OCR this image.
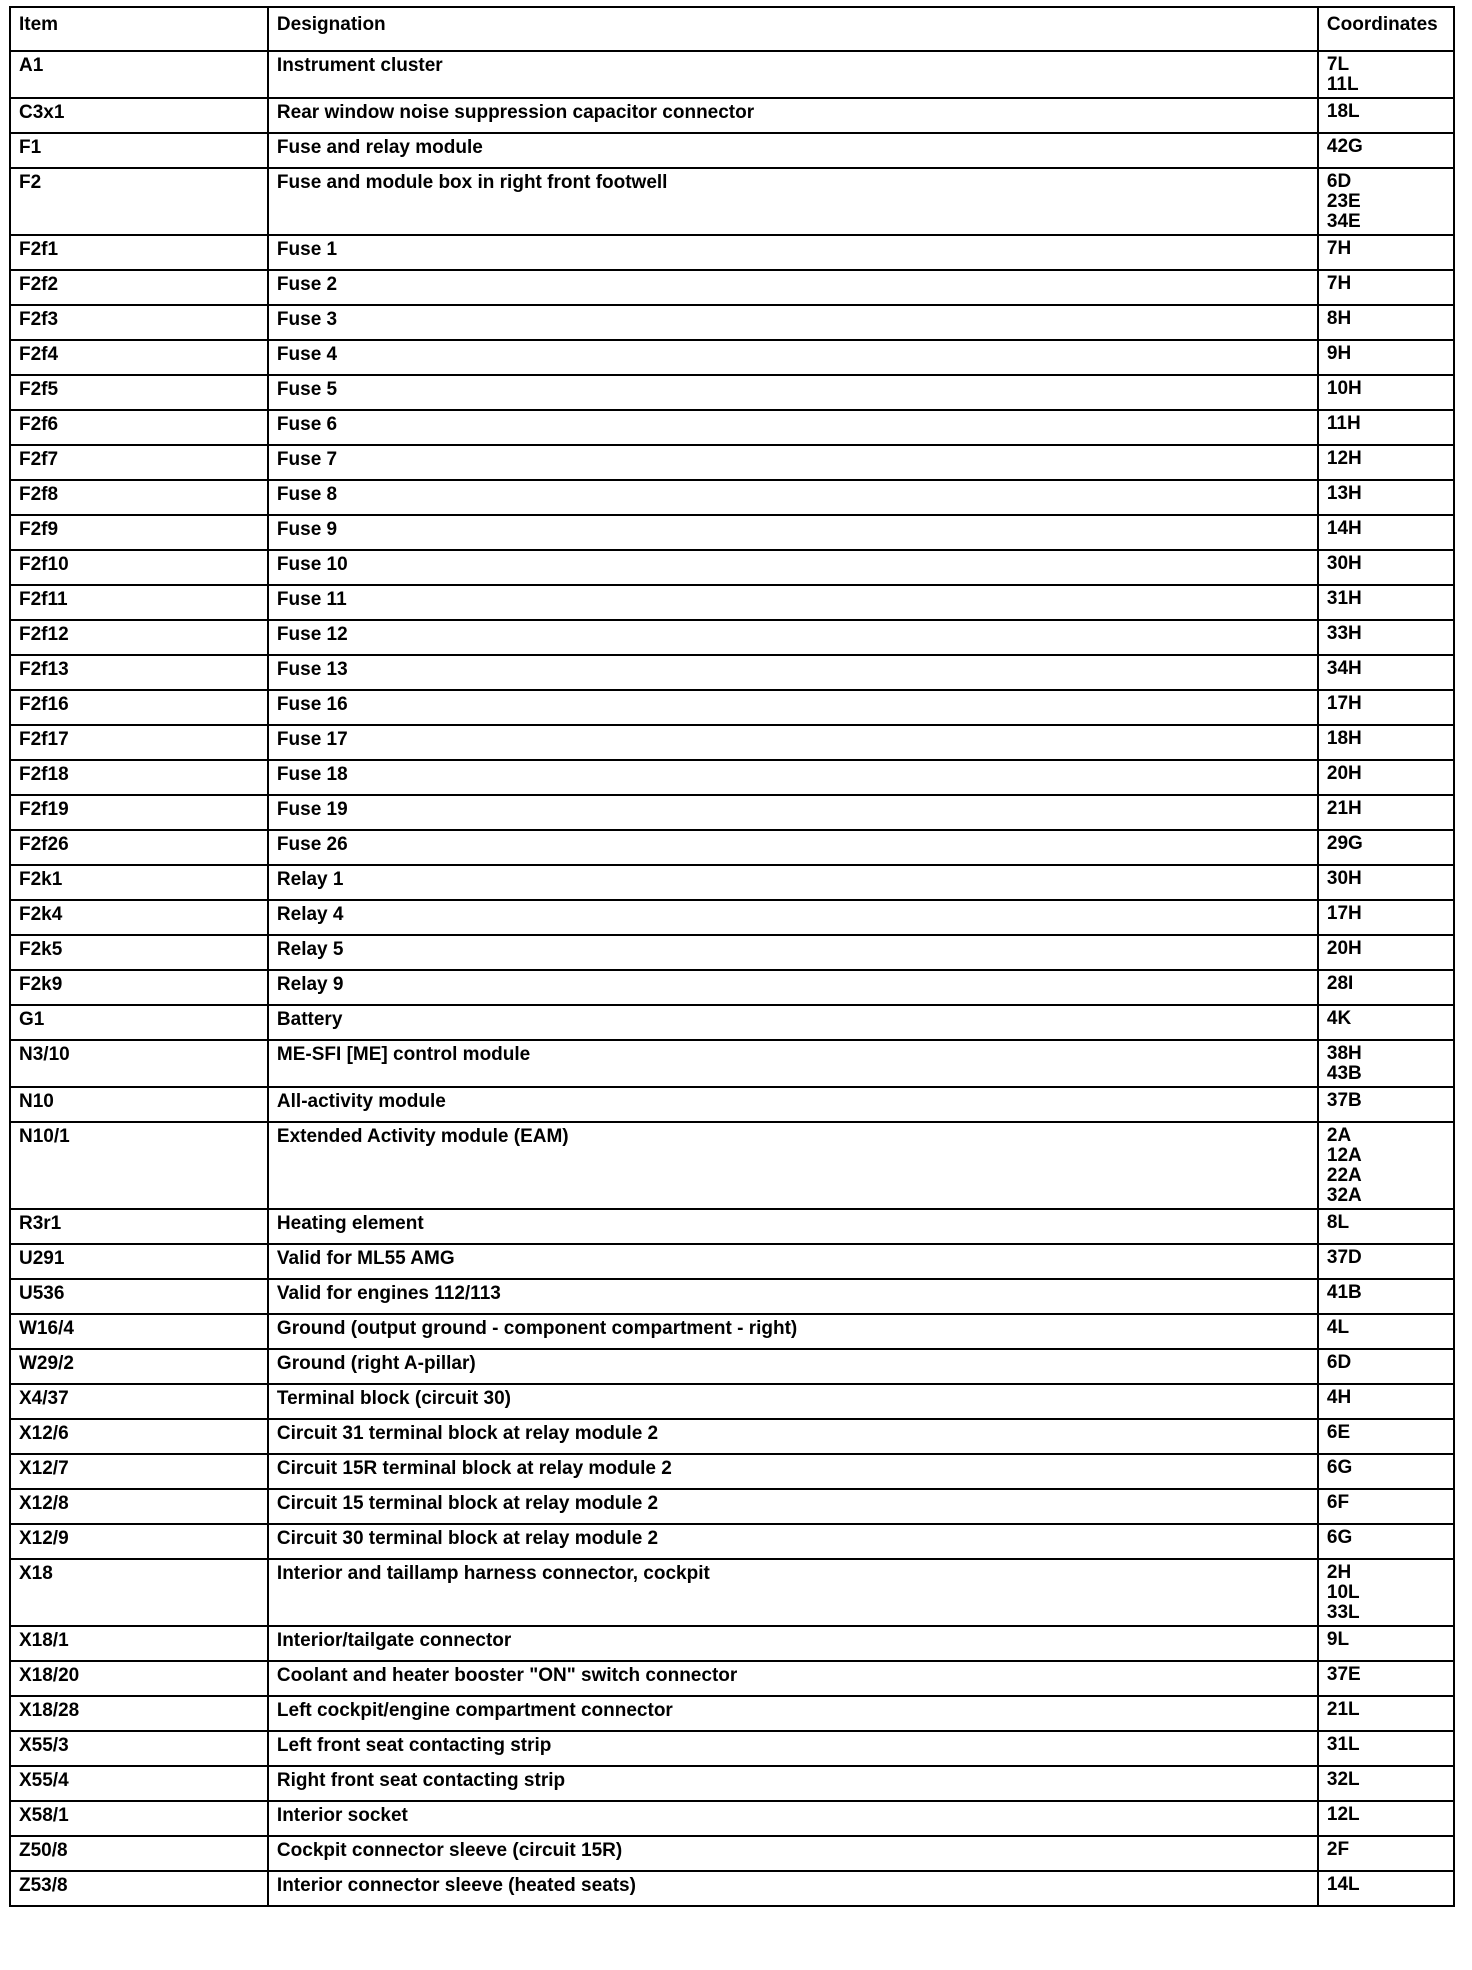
Item	Designation	Coordinates
A1	Instrument cluster	7L
11L

C3x1	Rear window noise suppression capacitor connector	18L

F1	Fuse and relay module	42G

F2	Fuse and module box in right front footwell	6D
23E
34E

F2f1	Fuse 1	7H

F2f2	Fuse 2	7H

F2f3	Fuse 3	8H

F2f4	Fuse 4	9H

F2f5	Fuse 5	10H

F2f6	Fuse 6	11H

F2f7	Fuse 7	12H

F2f8	Fuse 8	13H

F2f9	Fuse 9	14H

F2f10	Fuse 10	30H

F2f11	Fuse 11	31H

F2f12	Fuse 12	33H

F2f13	Fuse 13	34H

F2f16	Fuse 16	17H

F2f17	Fuse 17	18H

F2f18	Fuse 18	20H

F2f19	Fuse 19	21H

F2f26	Fuse 26	29G

F2k1	Relay 1	30H

F2k4	Relay 4	17H

F2k5	Relay 5	20H

F2k9	Relay 9	28I

G1	Battery	4K

N3/10	ME-SFI [ME] control module	38H
43B

N10	All-activity module	37B

N10/1	Extended Activity module (EAM)	2A
12A
22A
32A

R3r1	Heating element	8L

U291	Valid for ML55 AMG	37D

U536	Valid for engines 112/113	41B

W16/4	Ground (output ground - component compartment - right)	4L

W29/2	Ground (right A-pillar)	6D

X4/37	Terminal block (circuit 30)	4H

X12/6	Circuit 31 terminal block at relay module 2	6E

X12/7	Circuit 15R terminal block at relay module 2	6G

X12/8	Circuit 15 terminal block at relay module 2	6F

X12/9	Circuit 30 terminal block at relay module 2	6G

X18	Interior and taillamp harness connector, cockpit	2H
10L
33L

X18/1	Interior/tailgate connector	9L

X18/20	Coolant and heater booster "ON" switch connector	37E

X18/28	Left cockpit/engine compartment connector	21L

X55/3	Left front seat contacting strip	31L

X55/4	Right front seat contacting strip	32L

X58/1	Interior socket	12L

Z50/8	Cockpit connector sleeve (circuit 15R)	2F

Z53/8	Interior connector sleeve (heated seats)	14L
